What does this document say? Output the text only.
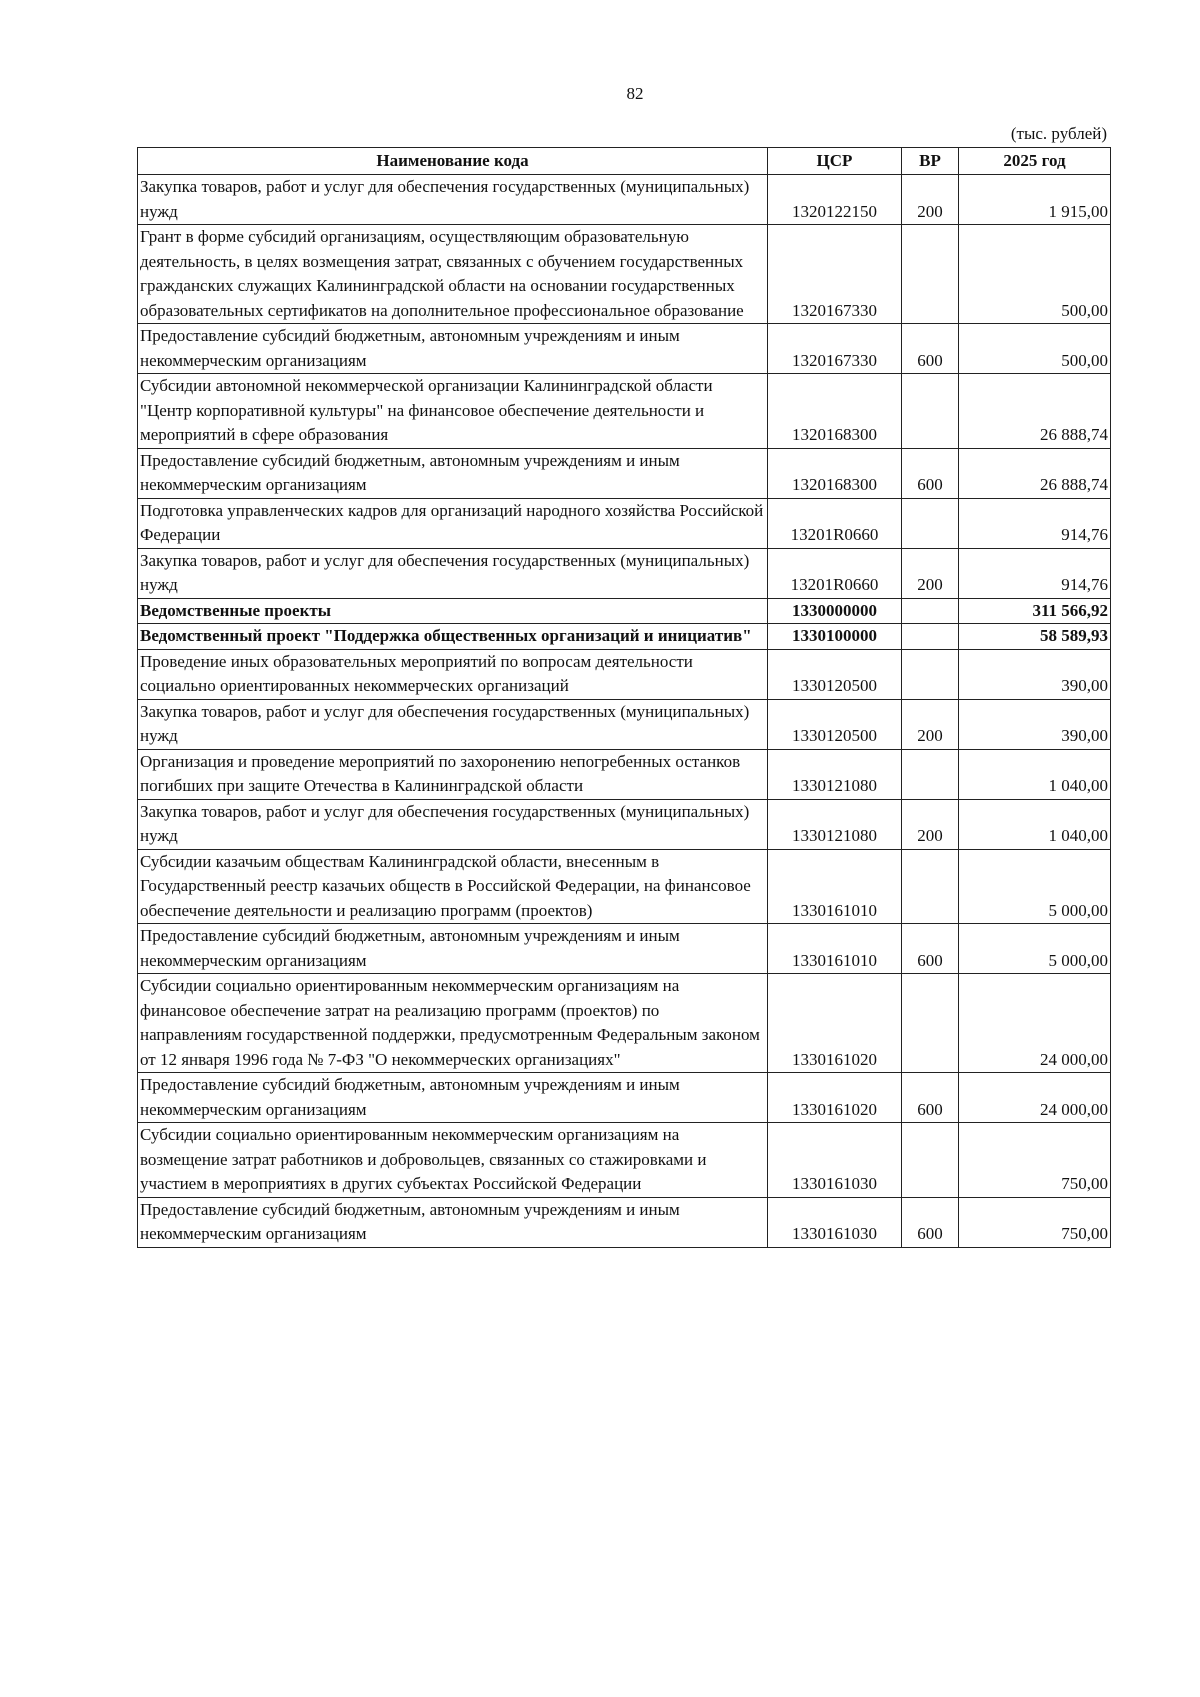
82
(тыс. рублей)
Наименование кода	ЦСР	ВР	2025 год
Закупка товаров, работ и услуг для обеспечения государственных (муниципальных) нужд	1320122150	200	1 915,00
Грант в форме субсидий организациям, осуществляющим образовательную деятельность, в целях возмещения затрат, связанных с обучением государственных гражданских служащих Калининградской области на основании государственных образовательных сертификатов на дополнительное профессиональное образование	1320167330		500,00
Предоставление субсидий бюджетным, автономным учреждениям и иным некоммерческим организациям	1320167330	600	500,00
Субсидии автономной некоммерческой организации Калининградской области "Центр корпоративной культуры" на финансовое обеспечение деятельности и мероприятий в сфере образования	1320168300		26 888,74
Предоставление субсидий бюджетным, автономным учреждениям и иным некоммерческим организациям	1320168300	600	26 888,74
Подготовка управленческих кадров для организаций народного хозяйства Российской Федерации	13201R0660		914,76
Закупка товаров, работ и услуг для обеспечения государственных (муниципальных) нужд	13201R0660	200	914,76
Ведомственные проекты	1330000000		311 566,92
Ведомственный проект "Поддержка общественных организаций и инициатив"	1330100000		58 589,93
Проведение иных образовательных мероприятий по вопросам деятельности социально ориентированных некоммерческих организаций	1330120500		390,00
Закупка товаров, работ и услуг для обеспечения государственных (муниципальных) нужд	1330120500	200	390,00
Организация и проведение мероприятий по захоронению непогребенных останков погибших при защите Отечества в Калининградской области	1330121080		1 040,00
Закупка товаров, работ и услуг для обеспечения государственных (муниципальных) нужд	1330121080	200	1 040,00
Субсидии казачьим обществам Калининградской области, внесенным в Государственный реестр казачьих обществ в Российской Федерации, на финансовое обеспечение деятельности и реализацию программ (проектов)	1330161010		5 000,00
Предоставление субсидий бюджетным, автономным учреждениям и иным некоммерческим организациям	1330161010	600	5 000,00
Субсидии социально ориентированным некоммерческим организациям на финансовое обеспечение затрат на реализацию программ (проектов) по направлениям государственной поддержки, предусмотренным Федеральным законом от 12 января 1996 года № 7-ФЗ "О некоммерческих организациях"	1330161020		24 000,00
Предоставление субсидий бюджетным, автономным учреждениям и иным некоммерческим организациям	1330161020	600	24 000,00
Субсидии социально ориентированным некоммерческим организациям на возмещение затрат работников и добровольцев, связанных со стажировками и участием в мероприятиях в других субъектах Российской Федерации	1330161030		750,00
Предоставление субсидий бюджетным, автономным учреждениям и иным некоммерческим организациям	1330161030	600	750,00
